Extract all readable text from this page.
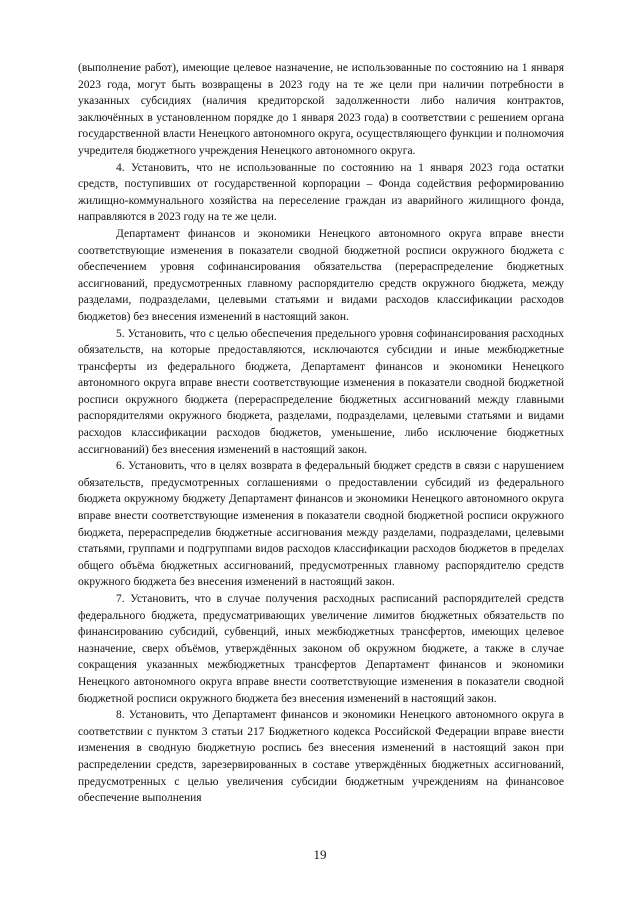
(выполнение работ), имеющие целевое назначение, не использованные по состоянию на 1 января 2023 года, могут быть возвращены в 2023 году на те же цели при наличии потребности в указанных субсидиях (наличия кредиторской задолженности либо наличия контрактов, заключённых в установленном порядке до 1 января 2023 года) в соответствии с решением органа государственной власти Ненецкого автономного округа, осуществляющего функции и полномочия учредителя бюджетного учреждения Ненецкого автономного округа.

4. Установить, что не использованные по состоянию на 1 января 2023 года остатки средств, поступивших от государственной корпорации – Фонда содействия реформированию жилищно-коммунального хозяйства на переселение граждан из аварийного жилищного фонда, направляются в 2023 году на те же цели.

Департамент финансов и экономики Ненецкого автономного округа вправе внести соответствующие изменения в показатели сводной бюджетной росписи окружного бюджета с обеспечением уровня софинансирования обязательства (перераспределение бюджетных ассигнований, предусмотренных главному распорядителю средств окружного бюджета, между разделами, подразделами, целевыми статьями и видами расходов классификации расходов бюджетов) без внесения изменений в настоящий закон.

5. Установить, что с целью обеспечения предельного уровня софинансирования расходных обязательств, на которые предоставляются, исключаются субсидии и иные межбюджетные трансферты из федерального бюджета, Департамент финансов и экономики Ненецкого автономного округа вправе внести соответствующие изменения в показатели сводной бюджетной росписи окружного бюджета (перераспределение бюджетных ассигнований между главными распорядителями окружного бюджета, разделами, подразделами, целевыми статьями и видами расходов классификации расходов бюджетов, уменьшение, либо исключение бюджетных ассигнований) без внесения изменений в настоящий закон.

6. Установить, что в целях возврата в федеральный бюджет средств в связи с нарушением обязательств, предусмотренных соглашениями о предоставлении субсидий из федерального бюджета окружному бюджету Департамент финансов и экономики Ненецкого автономного округа вправе внести соответствующие изменения в показатели сводной бюджетной росписи окружного бюджета, перераспределив бюджетные ассигнования между разделами, подразделами, целевыми статьями, группами и подгруппами видов расходов классификации расходов бюджетов в пределах общего объёма бюджетных ассигнований, предусмотренных главному распорядителю средств окружного бюджета без внесения изменений в настоящий закон.

7. Установить, что в случае получения расходных расписаний распорядителей средств федерального бюджета, предусматривающих увеличение лимитов бюджетных обязательств по финансированию субсидий, субвенций, иных межбюджетных трансфертов, имеющих целевое назначение, сверх объёмов, утверждённых законом об окружном бюджете, а также в случае сокращения указанных межбюджетных трансфертов Департамент финансов и экономики Ненецкого автономного округа вправе внести соответствующие изменения в показатели сводной бюджетной росписи окружного бюджета без внесения изменений в настоящий закон.

8. Установить, что Департамент финансов и экономики Ненецкого автономного округа в соответствии с пунктом 3 статьи 217 Бюджетного кодекса Российской Федерации вправе внести изменения в сводную бюджетную роспись без внесения изменений в настоящий закон при распределении средств, зарезервированных в составе утверждённых бюджетных ассигнований, предусмотренных с целью увеличения субсидии бюджетным учреждениям на финансовое обеспечение выполнения

19
